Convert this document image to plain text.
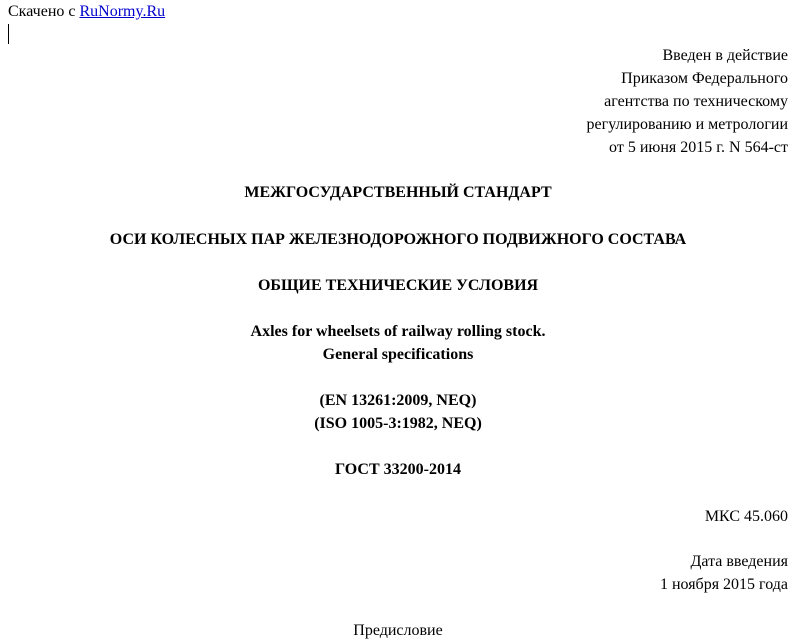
Скачено с RuNormy.Ru
Введен в действие
Приказом Федерального
агентства по техническому
регулированию и метрологии
от 5 июня 2015 г. N 564-ст
МЕЖГОСУДАРСТВЕННЫЙ СТАНДАРТ
ОСИ КОЛЕСНЫХ ПАР ЖЕЛЕЗНОДОРОЖНОГО ПОДВИЖНОГО СОСТАВА
ОБЩИЕ ТЕХНИЧЕСКИЕ УСЛОВИЯ
Axles for wheelsets of railway rolling stock.
General specifications
(EN 13261:2009, NEQ)
(ISO 1005-3:1982, NEQ)
ГОСТ 33200-2014
МКС 45.060
Дата введения
1 ноября 2015 года
Предисловие
